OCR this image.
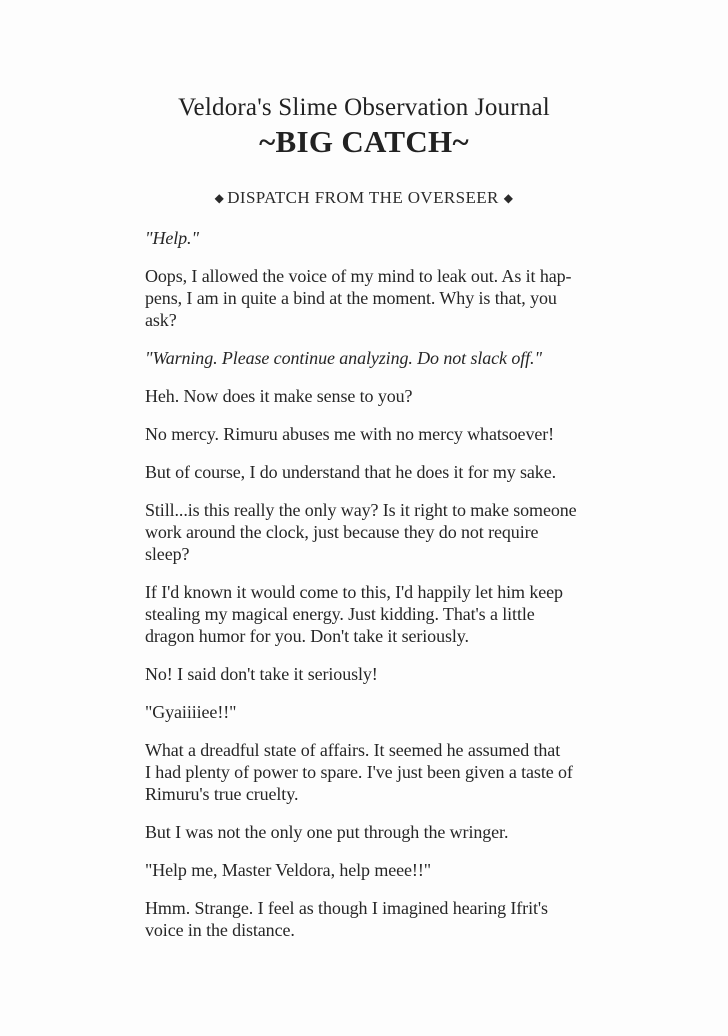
Veldora's Slime Observation Journal
~BIG CATCH~
◆ DISPATCH FROM THE OVERSEER ◆

"Help."

Oops, I allowed the voice of my mind to leak out. As it hap-
pens, I am in quite a bind at the moment. Why is that, you
ask?

"Warning. Please continue analyzing. Do not slack off."

Heh. Now does it make sense to you?

No mercy. Rimuru abuses me with no mercy whatsoever!

But of course, I do understand that he does it for my sake.

Still...is this really the only way? Is it right to make someone
work around the clock, just because they do not require
sleep?

If I'd known it would come to this, I'd happily let him keep
stealing my magical energy. Just kidding. That's a little
dragon humor for you. Don't take it seriously.

No! I said don't take it seriously!

"Gyaiiiiee!!"

What a dreadful state of affairs. It seemed he assumed that
I had plenty of power to spare. I've just been given a taste of
Rimuru's true cruelty.

But I was not the only one put through the wringer.

"Help me, Master Veldora, help meee!!"

Hmm. Strange. I feel as though I imagined hearing Ifrit's
voice in the distance.
